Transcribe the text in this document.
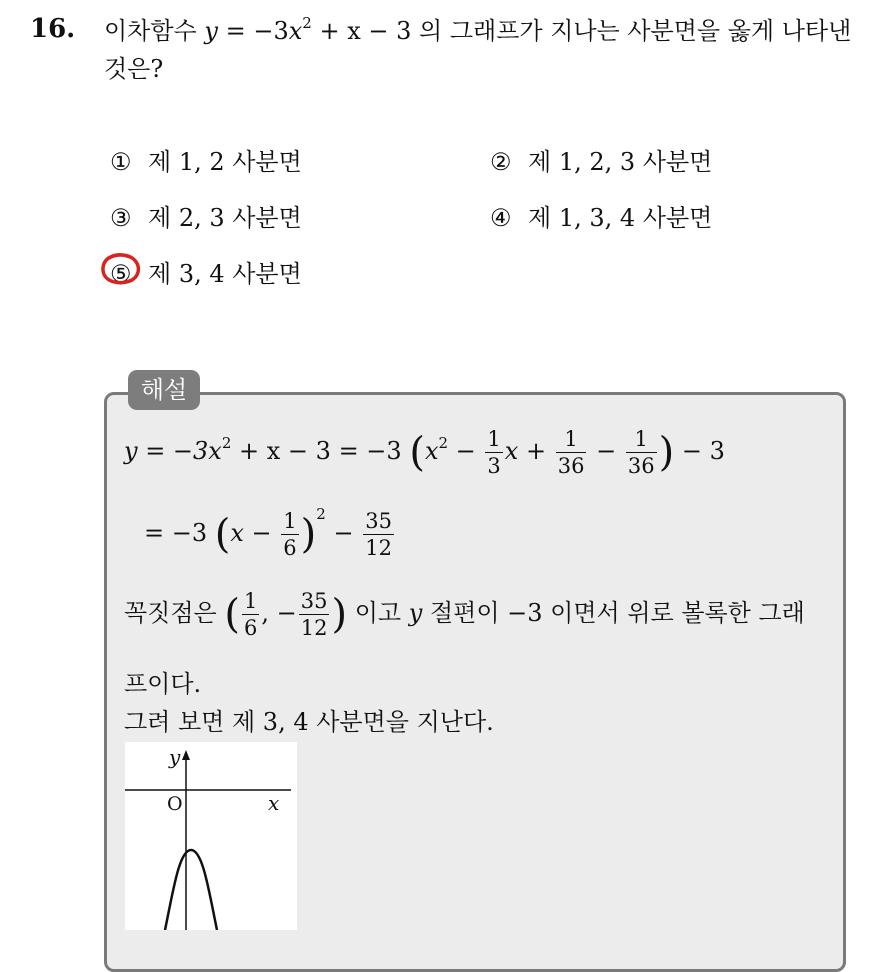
16. 이차함수 $y = -3x^2 + x - 3$ 의 그래프가 지나는 사분면을 옳게 나타낸
것은?
① 제 1, 2 사분면	② 제 1, 2, 3 사분면
③ 제 2, 3 사분면	④ 제 1, 3, 4 사분면
⑤ 제 3, 4 사분면
해설
$y = -3x^2 + x - 3 = -3$ ($x^2 - \frac{1}{3}$ $x + \frac{1}{36} - \frac{1}{36}$ ) − 3
= −3 $(x - \frac{1}{6} )^2 - \frac{35}{12}$
꼭짓점은 ( $\frac{1}{6}$ , − $\frac{35}{12}$ ) 이고 y 절편이 −3 이면서 위로 볼록한 그래
프이다.
그려 보면 제 3, 4 사분면을 지난다.
y
x
O
